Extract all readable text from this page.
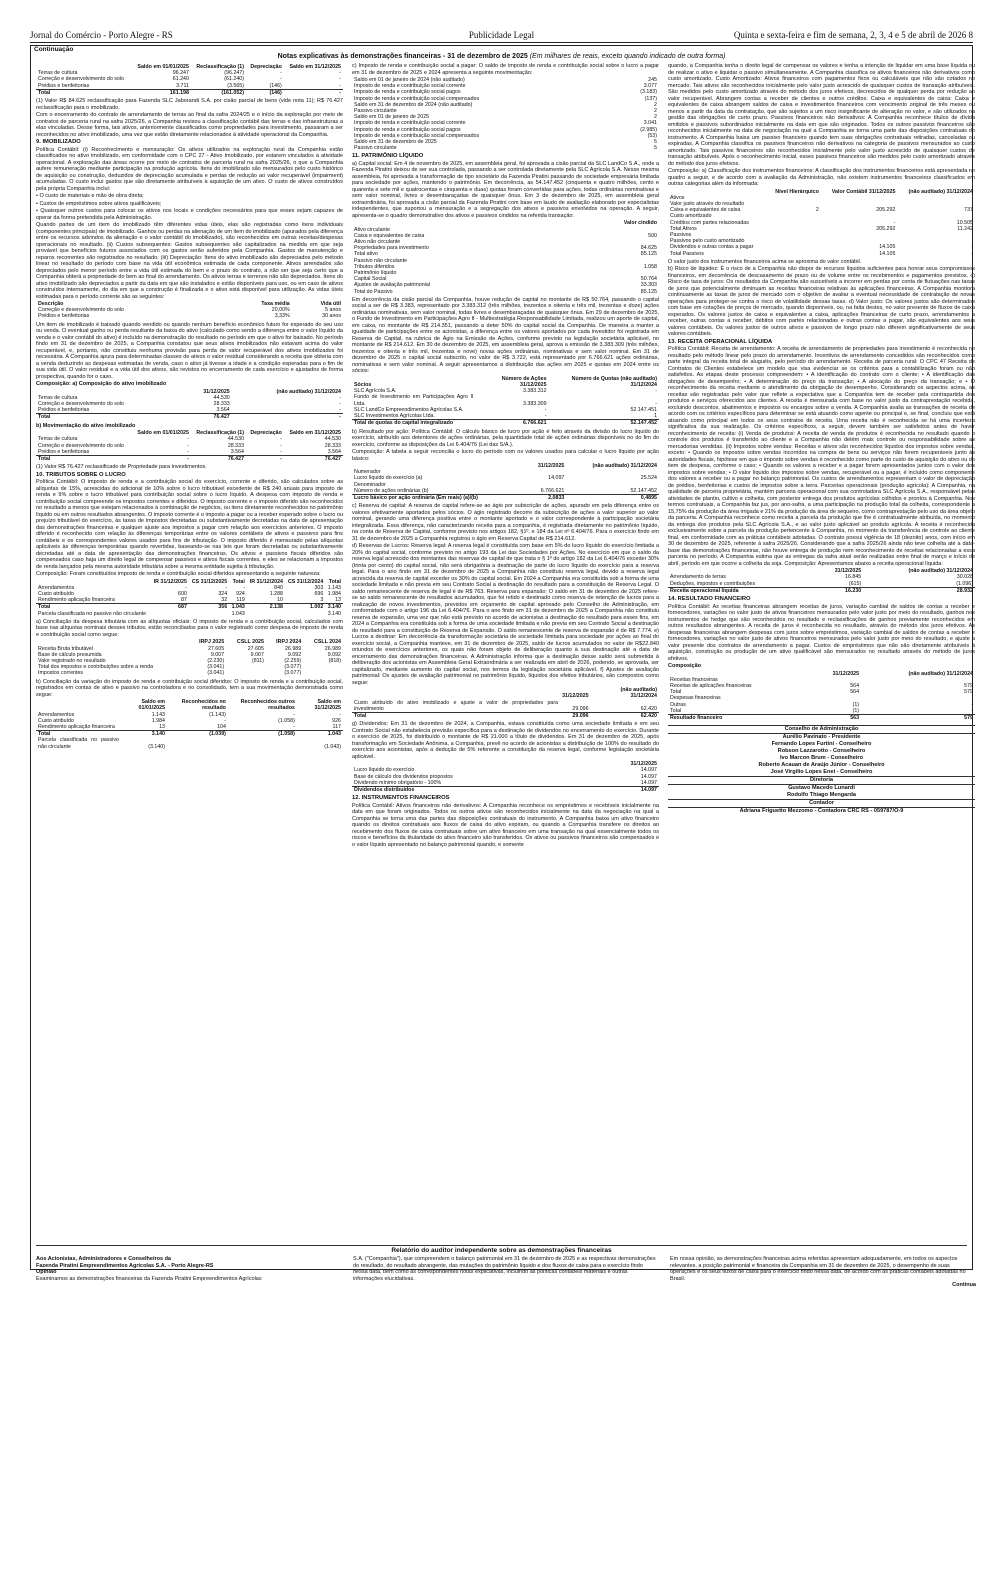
Jornal do Comércio - Porto Alegre - RS	Publicidade Legal	Quinta e sexta-feira e fim de semana, 2, 3, 4 e 5 de abril de 2026 8
Continuação
Notas explicativas às demonstrações financeiras - 31 de dezembro de 2025 (Em milhares de reais, exceto quando indicado de outra forma)
	Saldo em 01/01/2025	Reclassificação (1)	Depreciação	Saldo em 31/12/2025
Terras de cultura	96.247	(96.247)	-	-
Correção e desenvolvimento do solo	61.240	(61.240)	-	-
Prédios e benfeitorias	3.711	(3.565)	(146)	-
Total	161.198	(161.052)	(146)	-

(1) Valor R$ 84.625 reclassificação para Fazenda SLC Jaborandi S.A. por cisão parcial de bens (vide nota 11); R$ 76.427 reclassificação para o imobilizado.

Com o encerramento do contrato de arrendamento de terras ao final da safra 2024/25 e o início da exploração por meio de contratos de parceria rural na safra 2025/26, a Companhia revisou a classificação contábil das terras e das infraestruturas a elas vinculadas. Desse forma, tais ativos, anteriormente classificados como propriedades para investimento, passaram a ser reconhecidos no ativo imobilizado, uma vez que estão diretamente relacionados à atividade operacional da Companhia.

9. IMOBILIZADO

Política Contábil: (i) Reconhecimento e mensuração: Os ativos utilizados na exploração rural da Companhia estão classificados no ativo imobilizado, em conformidade com o CPC 27 - Ativo Imobilizado, por estarem vinculados à atividade operacional. A exploração das áreas ocorre por meio de contratos de parceria rural na safra 2025/26, o que a Companhia aufere remuneração mediante participação na produção agrícola. Itens do imobilizado são mensurados pelo custo histórico de aquisição ou construção, deduzidos de depreciação acumulada e perdas de redução ao valor recuperável (impairment) acumuladas. O custo inclui gastos que são diretamente atribuíveis à aquisição de um ativo. O custo de ativos construídos pela própria Companhia inclui:

• O custo de materiais e mão de obra direta;

• Custos de empréstimos sobre ativos qualificáveis;

• Quaisquer outros custos para colocar os ativos nos locais e condições necessários para que esses sejam capazes de operar da forma pretendida pela Administração.

Quando partes de um item do imobilizado têm diferentes vidas úteis, elas são registradas como itens individuais (componentes principais) de imobilizado. Ganhos ou perdas na alienação de um item do imobilizado (apurados pela diferença entre os recursos advindos da alienação e o valor contábil do imobilizado), são reconhecidos em outras receitas/despesas operacionais no resultado. (ii) Custos subsequentes: Gastos subsequentes são capitalizados na medida em que seja provável que benefícios futuros associados com os gastos serão auferidos pela Companhia. Gastos de manutenção e reparos recorrentes são registrados no resultado. (iii) Depreciação: Itens do ativo imobilizado são depreciados pelo método linear no resultado do período com base na vida útil econômica estimada de cada componente. Ativos arrendados são depreciados pelo menor período entre a vida útil estimada do bem e o prazo do contrato, a não ser que seja certo que a Companhia obterá a propriedade do bem ao final do arrendamento. Os ativos terras e terrenos não são depreciados. Itens do ativo imobilizado são depreciados a partir da data em que são instalados e estão disponíveis para uso, ou em caso de ativos construídos internamente, do dia em que a construção é finalizada e o ativo está disponível para utilização. As vidas úteis estimadas para o período corrente são as seguintes:

Descrição	Taxa média	Vida útil
Correção e desenvolvimento do solo	20,00%	5 anos
Prédios e benfeitorias	3,33%	30 anos

Um item de imobilizado é baixado quando vendido ou quando nenhum benefício econômico futuro for esperado do seu uso ou venda. O eventual ganho ou perda resultante da baixa do ativo (calculado como sendo a diferença entre o valor líquido da venda e o valor contábil do ativo) é incluído na demonstração do resultado no período em que o ativo for baixado. No período findo em 31 de dezembro de 2025, a Companhia constatou que seus ativos imobilizados não estavam acima do valor recuperável, e, portanto, não constituiu nenhuma provisão para perda de valor recuperável dos ativos imobilizados foi necessária. A Companhia apura para determinadas classes de ativos o valor residual considerando a receita que obteria com a venda deduzindo as despesas estimadas de venda, caso o ativo já tivesse a idade e a condição esperadas para o fim de sua vida útil. O valor residual e a vida útil dos ativos, são revistos no encerramento de cada exercício e ajustados de forma prospectiva, quando for o caso.

Composição: a) Composição do ativo imobilizado

	31/12/2025	(não auditado) 31/12/2024
Terras de cultura	44.530	-
Correção e desenvolvimento do solo	28.333	-
Prédios e benfeitorias	3.564	-
Total	76.427	-

b) Movimentação do ativo imobilizado

	Saldo em 01/01/2025	Reclassificação (1)	Depreciação	Saldo em 31/12/2025
Terras de cultura	-	44.530	-	44.530
Correção e desenvolvimento do solo	-	28.333	-	28.333
Prédios e benfeitorias	-	3.564	-	3.564
Total	-	76.427	-	76.427

(1) Valor R$ 76.427 reclassificado de Propriedade para investimentos.

10. TRIBUTOS SOBRE O LUCRO

Política Contábil: O imposto de renda e a contribuição social do exercício, corrente e diferido, são calculados sobre as alíquotas de 15%, acrescidas do adicional de 10% sobre o lucro tributável excedente de R$ 240 anuais para imposto de renda e 9% sobre o lucro tributável para contribuição social sobre o lucro líquido. A despesa com imposto de renda e contribuição social compreende os impostos correntes e diferidos. O imposto corrente e o imposto diferido são reconhecidos no resultado a menos que estejam relacionados à combinação de negócios, ou itens diretamente reconhecidos no patrimônio líquido ou em outros resultados abrangentes. O imposto corrente é o imposto a pagar ou a receber esperado sobre o lucro ou prejuízo tributável do exercício, às taxas de impostos decretadas ou substantivamente decretadas na data de apresentação das demonstrações financeiras e qualquer ajuste aos impostos a pagar com relação aos exercícios anteriores. O imposto diferido é reconhecido com relação às diferenças temporárias entre os valores contábeis de ativos e passivos para fins contábeis e os correspondentes valores usados para fins de tributação. O imposto diferido é mensurado pelas alíquotas aplicáveis às diferenças temporárias quando revertidas, baseando-se nas leis que foram decretadas ou substantivamente decretadas até a data de apresentação das demonstrações financeiras. Os ativos e passivos fiscais diferidos são compensados caso haja um direito legal de compensar passivos e ativos fiscais correntes, e eles se relacionam a impostos de renda lançados pela mesma autoridade tributária sobre a mesma entidade sujeita à tributação.

Composição: Foram constituídos imposto de renda e contribuição social diferidos apresentando a seguinte natureza:

	IR 31/12/2025	CS 31/12/2025	Total	IR 31/12/2024	CS 31/12/2024	Total
Arrendamentos	-	-	-	840	303	1.143
Custo atribuído	600	324	924	1.288	696	1.984
Rendimento aplicação financeira	87	32	119	10	3	13
Total	687	356	1.043	2.138	1.002	3.140
Parcela classificada no passivo não circulante			1.043			3.140

a) Conciliação da despesa tributária com as alíquotas oficiais: O imposto de renda e a contribuição social, calculados com base nas alíquotas nominais desses tributos, estão reconciliados para o valor registrado como despesa de imposto de renda e contribuição social como segue:

	IRPJ 2025	CSLL 2025	IRPJ 2024	CSLL 2024
Receita Bruta tributável	27.605	27.605	26.989	26.989
Base de cálculo presumida	9.007	9.007	9.092	9.092
Valor registrado no resultado	(2.230)	(811)	(2.259)	(818)
Total dos impostos e contribuições sobre a renda	(3.041)		(3.077)	
Impostos correntes	(3.041)		(3.077)	

b) Conciliação da variação do imposto de renda e contribuição social diferidos: O imposto de renda e a contribuição social, registrados em contas de ativo e passivo na controladora e no consolidado, tem a sua movimentação demonstrada como segue:

	Saldo em 01/01/2025	Reconhecidos no resultado	Reconhecidos outros resultados	Saldo em 31/12/2025
Arrendamentos	1.143	(1.143)	-	-
Custo atribuído	1.984	-	(1.058)	926
Rendimento aplicação financeira	13	104	-	117
Total	3.140	(1.039)	(1.058)	1.043
Parcela classificada no passivo não circulante	(3.140)			(1.043)

c) Imposto de renda e contribuição social a pagar: O saldo de imposto de renda e contribuição social sobre o lucro a pagar em 31 de dezembro de 2025 e 2024 apresenta a seguinte movimentação:

Saldo em 01 de janeiro de 2024 (não auditado)	245
Imposto de renda e contribuição social corrente	3.077
Imposto de renda e contribuição social pagos	(3.183)
Imposto de renda e contribuição social compensados	(137)
Saldo em 31 de dezembro de 2024 (não auditado)	2
Passivo circulante	2
Saldo em 01 de janeiro de 2025	2
Imposto de renda e contribuição social corrente	3.041
Imposto de renda e contribuição social pagos	(2.985)
Imposto de renda e contribuição social compensados	(53)
Saldo em 31 de dezembro de 2025	5
Passivo circulante	5
11. PATRIMÔNIO LÍQUIDO

a) Capital social: Em 4 de novembro de 2025, em assembleia geral, foi aprovada a cisão parcial da SLC LandCo S.A., onde a Fazenda Piratini deixou de ser sua controlada, passando a ser controlada diretamente pela SLC Agrícola S.A. Nesse mesma assembleia, foi aprovada a transformação de tipo societário da Fazenda Piratini passando de sociedade empresária limitada para sociedade por ações, mantendo o patrimônio. Em decorrência, as 54.147.452 (cinquenta e quatro milhões, cento e quarenta e sete mil e quatrocentas e cinquenta e duas) quotas foram convertidas para ações, todas ordinárias nominativas e sem valor nominal, livres e desembaraçadas de quaisquer ônus. Em 3 de dezembro de 2025, em assembleia geral extraordinária, foi aprovada a cisão parcial da Fazenda Piratini com base em laudo de avaliação elaborado por especialistas independentes, que suportou a mensuração e a segregação dos ativos e passivos envolvidos na operação. A seguir, apresenta-se o quadro demonstrativo dos ativos e passivos cindidos na referida transação:

	Valor cindido
Ativo circulante	
Caixa e equivalentes de caixa	500
Ativo não circulante	
Propriedades para investimento	84.625
Total ativo	85.125
Passivo não circulante	
Tributos diferidos	1.058
Patrimônio líquido	
Capital Social	50.764
Ajustes de avaliação patrimonial	33.303
Total do Passivo	85.125

Em decorrência da cisão parcial da Companhia, houve redução de capital no montante de R$ 50.764, passando o capital social a ser de R$ 3.383, representado por 3.383.312 (três milhões, trezentos e oitenta e três mil, trezentas e doze) ações ordinárias nominativas, sem valor nominal, todas livres e desembaraçadas de quaisquer ônus. Em 29 de dezembro de 2025, o Fundo de Investimento em Participações Agro II - Multiestratégia Responsabilidade Limitada, realizou um aporte de capital, em caixa, no montante de R$ 214.351, passando a deter 50% do capital social da Companhia. De maneira a manter a igualdade de participações entre os acionistas, a diferença entre os valores aportados por cada investidor foi registrada em Reserva de Capital, na rubrica de Ágio na Emissão de Ações, conforme previsto na legislação societária aplicável, no montante de R$ 214.612. Em 30 de dezembro de 2025, em assembleia geral, aprova a emissão de 3.383.309 (três milhões, trezentos e oitenta e três mil, trezentas e nove) novas ações ordinárias, nominativas e sem valor nominal. Em 31 de dezembro de 2025 o capital social subscrito, no valor de R$ 3.722, está representado por 6.766.621 ações ordinárias, nominativas e sem valor nominal. A seguir apresentamos a distribuição das ações em 2025 e quotas em 2024 entre os sócios:

Sócios	Número de Ações 31/12/2025	Número de Quotas (não auditado) 31/12/2024
SLC Agrícola S.A.	3.383.312	-
Fundo de Investimento em Participações Agro II Ltda.	3.383.309	-
SLC LandCo Empreendimentos Agrícolas S.A.	-	52.147.451
SLC Investimentos Agrícolas Ltda.	-	1
Total de quotas do capital integralizado	6.766.621	52.147.452

b) Resultado por ação: Política Contábil: O cálculo básico de lucro por ação é feito através da divisão do lucro líquido do exercício, atribuído aos detentores de ações ordinárias, pela quantidade total de ações ordinárias disponíveis no do fim do exercício, conforme as disposições da Lei 6.404/76 (Lei das S/A.).

Composição: A tabela a seguir reconcilia o lucro do período com os valores usados para calcular o lucro líquido por ação básico:

	31/12/2025	(não auditado) 31/12/2024
Numerador		
Lucro líquido do exercício (a)	14.097	25.524
Denominador		
Número de ações ordinárias (b)	6.766.621	52.147.452
Lucro básico por ação ordinária (Em reais) (a)/(b)	2,0833	0,4895

c) Reserva de capital: A reserva de capital refere-se ao ágio por subscrição de ações, apurado em pela diferença entre os valores efetivamente aportados pelos sócios. O ágio registrado decorre da subscrição de ações a valor superior ao valor nominal, gerando uma diferença positiva entre o montante aportado e o valor correspondente à participação societária integralizada. Essa diferença, não caracterizando receita para a companhia, é registrada diretamente no patrimônio líquido, na conta de Reserva de Capital, conforme previsto nos artigos 182, §1º, e 184 da Lei nº 6.404/76. Para o exercício findo em 31 de dezembro de 2025 a Companhia registrou o ágio em Reserva Capital de R$ 214.612.

d) Reservas de Lucros: Reserva legal: A reserva legal é constituída com base em 5% do lucro líquido do exercício limitada a 20% do capital social, conforme previsto no artigo 193 da Lei das Sociedades por Ações. No exercício em que o saldo da reserva legal acrescido dos montantes das reservas de capital de que trata o § 1º do artigo 182 da Lei 6.404/76 exceder 30% (trinta por cento) do capital social, não será obrigatória a destinação de parte do lucro líquido do exercício para a reserva legal. Para o ano findo em 31 de dezembro de 2025 a Companhia não constituiu reserva legal, devido a reserva legal acrescida da reserva de capital exceder os 30% do capital social. Em 2024 a Companhia era constituída sob a forma de uma sociedade limitada e não previa em seu Contrato Social a destinação do resultado para a constituição de Reserva Legal. O saldo remanescente de reserva de legal é de R$ 763. Reserva para expansão: O saldo em 31 de dezembro de 2025 refere-se ao saldo remanescente de resultados acumulados, que foi retido e destinado como reserva de retenção de lucros para a realização de novos investimentos, previstos em orçamento de capital aprovado pelo Conselho de Administração, em conformidade com o artigo 196 da Lei 6.404/76. Para o ano findo em 31 de dezembro de 2025 a Companhia não constituiu reserva de expansão, uma vez que não está previsto no acordo de acionistas a destinação do resultado para esses fins, em 2024 a Companhia era constituída sob a forma de uma sociedade limitada e não previa em seu Contrato Social a destinação do resultado para a constituição de Reserva de Expansão. O saldo remanescente de reserva de expansão é de R$ 7.774. e) Lucros a destinar: Em decorrência da transformação societária de sociedade limitada para sociedade por ações ao final do exercício social, a Companhia manteve, em 31 de dezembro de 2025, saldo de lucros acumulados no valor de R$22.840 oriundos de exercícios anteriores, os quais não foram objeto de deliberação quanto à sua destinação até a data de encerramento das demonstrações financeiras. A Administração informa que a destinação desse saldo será submetida à deliberação dos acionistas em Assembleia Geral Extraordinária a ser realizada em abril de 2026, podendo, se aprovada, ser capitalizado, mediante aumento do capital social, nos termos da legislação societária aplicável. f) Ajustes de avaliação patrimonial: Os ajustes de avaliação patrimonial no patrimônio líquido, líquidos dos efeitos tributários, são compostos como segue:

	31/12/2025	(não auditado) 31/12/2024
Custo atribuído do ativo imobilizado e ajuste a valor de propriedades para investimento	29.096	62.420
Total	29.096	62.420

g) Dividendos: Em 31 de dezembro de 2024, a Companhia, estava constituída como uma sociedade limitada e em seu Contrato Social não estabelecia previsão específica para a destinação de dividendos no encerramento do exercício. Durante o exercício de 2025, foi distribuído o montante de R$ 21.000 a título de dividendos. Em 31 de dezembro de 2025, após transformação em Sociedade Anônima, a Companhia, prevê no acordo de acionistas a distribuição de 100% do resultado do exercício aos acionistas, após a dedução de 5% referente a constituição da reserva legal, conforme legislação societária aplicável.

	31/12/2025
Lucro líquido do exercício	14.097
Base de cálculo dos dividendos propostos	14.097
Dividendo mínimo obrigatório - 100%	14.097
Dividendos distribuídos	14.097
12. INSTRUMENTOS FINANCEIROS

Política Contábil: Ativos financeiros não derivativos: A Companhia reconhece os empréstimos e recebíveis inicialmente na data em que foram originados. Todos os outros ativos são reconhecidos inicialmente na data da negociação na qual a Companhia se torna uma das partes das disposições contratuais do instrumento. A Companhia baixa um ativo financeiro quando os direitos contratuais aos fluxos de caixa do ativo expiram, ou quando a Companhia transfere os direitos ao recebimento dos fluxos de caixa contratuais sobre um ativo financeiro em uma transação na qual essencialmente todos os riscos e benefícios da titularidade do ativo financeiro são transferidos. Os ativos ou passivos financeiros são compensados e o valor líquido apresentado no balanço patrimonial quando, e somente

quando, a Companhia tenha o direito legal de compensar os valores e tenha a intenção de liquidar em uma base líquida ou de realizar o ativo e liquidar o passivo simultaneamente. A Companhia classifica os ativos financeiros não derivativos como custo amortizado. Custo Amortizado: Ativos financeiros com pagamentos fixos ou calculáveis que não são cotados no mercado. Tais ativos são reconhecidos inicialmente pelo valor justo acrescido de quaisquer custos de transação atribuíveis. São medidos pelo custo amortizado através do método dos juros efetivos, decrescidos de qualquer perda por redução ao valor recuperável. Abrangem contas a receber de clientes e outros créditos. Caixa e equivalentes de caixa: Caixa e equivalentes de caixa abrangem saldos de caixa e investimentos financeiros com vencimento original de três meses ou menos a partir da data da contratação, que são sujeitos a um risco insignificante de alteração no valor, e são utilizados na gestão das obrigações de curto prazo. Passivos financeiros não derivativos: A Companhia reconhece títulos de dívida emitidos e passivos subordinados inicialmente na data em que são originados. Todos os outros passivos financeiros são reconhecidos inicialmente na data de negociação na qual a Companhia se torna uma parte das disposições contratuais do instrumento. A Companhia baixa um passivo financeiro quando tem suas obrigações contratuais retiradas, canceladas ou expiradas. A Companhia classifica os passivos financeiros não derivativos na categoria de passivos mensurados ao custo amortizado. Tais passivos financeiros são reconhecidos inicialmente pelo valor justo acrescido de quaisquer custos de transação atribuíveis. Após o reconhecimento inicial, esses passivos financeiros são medidos pelo custo amortizado através do método dos juros efetivos.

Composição: a) Classificação dos instrumentos financeiros: A classificação dos instrumentos financeiros está apresentada no quadro a seguir, e de acordo com a avaliação da Administração, não existem instrumentos financeiros classificados em outras categorias além da informada:

	Nível Hierárquico	Valor Contábil 31/12/2025	(não auditado) 31/12/2024
Ativos			
Valor justo através do resultado			
Caixa e equivalentes de caixa	2	205.292	737
Custo amortizado			
Créditos com partes relacionadas		-	10.505
Total Ativos		205.292	11.242
Passivos			
Passivos pelo custo amortizado			
Dividendos e outras contas a pagar		14.105	-
Total Passivos		14.105	-

O valor justo dos instrumentos financeiros acima se aproxima do valor contábil.

b) Risco de liquidez: É o risco de a Companhia não dispor de recursos líquidos suficientes para honrar seus compromissos financeiros, em decorrência de descasamento de prazo ou de volume entre os recebimentos e pagamentos previstos. c) Risco de taxa de juros: Os resultados da Companhia são suscetíveis a incorrer em perdas por conta de flutuações nas taxas de juros que potencialmente diminuam as receitas financeiras relativas às aplicações financeiras. A Companhia monitora continuamente as taxas de juros de mercado com o objetivo de avaliar a eventual necessidade de contratação de novas operações para proteger-se contra o risco de volatilidade dessas taxas. d) Valor justo: Os valores justos são determinados com base em cotações de preços de mercado, quando disponíveis, ou, na falta destes, no valor presente de fluxos de caixa esperados. Os valores justos de caixa e equivalentes a caixa, aplicações financeiras de curto prazo, arrendamentos a receber, outras contas a receber, débitos com partes relacionadas e outras contas a pagar, são equivalentes aos seus valores contábeis. Os valores justos de outros ativos e passivos de longo prazo não diferem significativamente de seus valores contábeis.

13. RECEITA OPERACIONAL LÍQUIDA

Política Contábil: Receita de arrendamento: A receita de arrendamento de propriedades para investimento é reconhecida no resultado pelo método linear pelo prazo do arrendamento. Incentivos de arrendamento concedidos são reconhecidos como parte integral da receita total de aluguéis, pelo período do arrendamento. Receita de parceria rural: O CPC 47 Receita de Contratos de Clientes estabelece um modelo que visa evidenciar se os critérios para a contabilização foram ou não satisfeitos. As etapas deste processo compreendem: • A identificação do contrato com o cliente; • A identificação das obrigações de desempenho; • A determinação do preço da transação; • A alocação do preço da transação; e • O reconhecimento da receita mediante o atendimento da obrigação de desempenho. Considerando os aspectos acima, as receitas são registradas pelo valor que reflete a expectativa que a Companhia tem de receber pela contrapartida dos produtos e serviços oferecidos aos clientes. A receita é mensurada com base no valor justo da contraprestação recebida, excluindo descontos, abatimentos e impostos ou encargos sobre a venda. A Companhia avalia as transações de receita de acordo com os critérios específicos para determinar se está atuando como agente ou principal e, se final, concluiu que está atuando como principal em todos os seus contratos de receita. Uma receita não é reconhecida se há uma incerteza significativa da sua realização. Os critérios específicos, a seguir, devem também ser satisfeitos antes de haver reconhecimento de receita: (i) Venda de produtos: A receita de venda de produtos é reconhecida no resultado quando o controle dos produtos é transferido ao cliente e a Companhia não detém mais controle ou responsabilidade sobre as mercadorias vendidas. (ii) Impostos sobre vendas: Receitas e ativos são reconhecidos líquidos dos impostos sobre vendas, exceto: • Quando os impostos sobre vendas incorridos na compra de bens ou serviços não forem recuperáveis junto às autoridades fiscais, hipótese em que o imposto sobre vendas é reconhecido como parte do custo de aquisição do ativo ou do item de despesa, conforme o caso; • Quando os valores a receber e a pagar forem apresentados juntos com o valor dos impostos sobre vendas; • O valor líquido dos impostos sobre vendas, recuperável ou a pagar, é incluído como componente dos valores a receber ou a pagar no balanço patrimonial. Os custos de arrendamentos representam o valor de depreciação de prédios, benfeitorias e custos de impostos sobre a terra. Parcerias operacionais (produção agrícola): A Companhia, na qualidade de parceira proprietária, mantém parceria operacional com sua controladora SLC Agrícola S.A., responsável pelas atividades de plantio, cultivo e colheita, com posterior entrega dos produtos agrícolas colhidos e prontos à Companhia. Nos termos contratuais, a Companhia faz jus, por ano-safra, a uma participação na produção total da colheita, correspondente a 15,75% da produção da área irrigada e 21% da produção da área de sequeiro, como contraprestação pelo uso da área objeto da parceria. A Companhia reconhece como receita a parcela da produção que lhe é contratualmente atribuída, no momento da entrega dos produtos pela SLC Agrícola S.A., e ao valor justo aplicável ao produto agrícola. A receita é reconhecida exclusivamente sobre a parcela da produção pertencente à Companhia, no momento da transferência de controle ao cliente final, em conformidade com as práticas contábeis adotadas. O contrato possui vigência de 18 (dezoito) anos, com início em 30 de dezembro de 2025, referente à safra 2025/26. Considerando que a safra 2025/26 ainda não teve colheita até a data-base das demonstrações financeiras, não houve entrega de produção nem reconhecimento de receitas relacionadas a essa parceria no período. A Companhia estima que as entregas da safra atual serão realizadas entre final de março e início de abril, período em que ocorre a colheita da soja. Composição: Apresentamos abaixo a receita operacional líquida:

	31/12/2025	(não auditado) 31/12/2024
Arrendamento de terras	16.845	30.028
Deduções, impostos e contribuições	(615)	(1.096)
Receita operacional líquida	16.230	28.932
14. RESULTADO FINANCEIRO

Política Contábil: As receitas financeiras abrangem receitas de juros, variação cambial de saldos de contas a receber e fornecedores, variações no valor justo de ativos financeiros mensurados pelo valor justo por meio do resultado, ganhos nos instrumentos de hedge que são reconhecidos no resultado e reclassificações de ganhos previamente reconhecidos em outros resultados abrangentes. A receita de juros é reconhecida no resultado, através do método dos juros efetivos. As despesas financeiras abrangem despesas com juros sobre empréstimos, variação cambial de saldos de contas a receber e fornecedores, variações no valor justo de ativos financeiros mensurados pelo valor justo por meio do resultado, e ajuste a valor presente dos contratos de arrendamento a pagar. Custos de empréstimos que não são diretamente atribuíveis à aquisição, construção ou produção de um ativo qualificável são mensurados no resultado através do método de juros efetivos.

Composição

	31/12/2025	(não auditado) 31/12/2024
Receitas financeiras		
Receitas de aplicações financeiras	564	579
Total	564	579
Despesas financeiras		
Outras	(1)	-
Total	(1)	-
Resultado financeiro	563	579
Conselho de Administração
Aurélio Pavinato - Presidente
Fernando Lopes Furtini - Conselheiro
Robson Lazzarotto - Conselheiro
Ivo Marcon Brum - Conselheiro
Roberto Acauan de Araújo Júnior - Conselheiro
José Virgílio Lopes Enei - Conselheiro
Diretoria
Gustavo Macedo Lunardi
Rodolfo Thiago Mengarda
Contador
Adriana Friguetto Mezzomo - Contadora CRC RS - 059787/O-9
Relatório do auditor independente sobre as demonstrações financeiras
Aos Acionistas, Administradores e Conselheiros da
Fazenda Piratini Empreendimentos Agrícolas S.A. - Porto Alegre-RS
Opinião
Examinamos as demonstrações financeiras da Fazenda Piratini Empreendimentos Agrícolas
S.A. ("Companhia"), que compreendem o balanço patrimonial em 31 de dezembro de 2025 e as respectivas demonstrações do resultado, do resultado abrangente, das mutações do patrimônio líquido e dos fluxos de caixa para o exercício findo nessa data, bem como as correspondentes notas explicativas, incluindo as políticas contábeis materiais e outras informações elucidativas.
Em nossa opinião, as demonstrações financeiras acima referidas apresentam adequadamente, em todos os aspectos relevantes, a posição patrimonial e financeira da Companhia em 31 de dezembro de 2025, o desempenho de suas operações e os seus fluxos de caixa para o exercício findo nessa data, de acordo com as práticas contábeis adotadas no Brasil.
Continua
